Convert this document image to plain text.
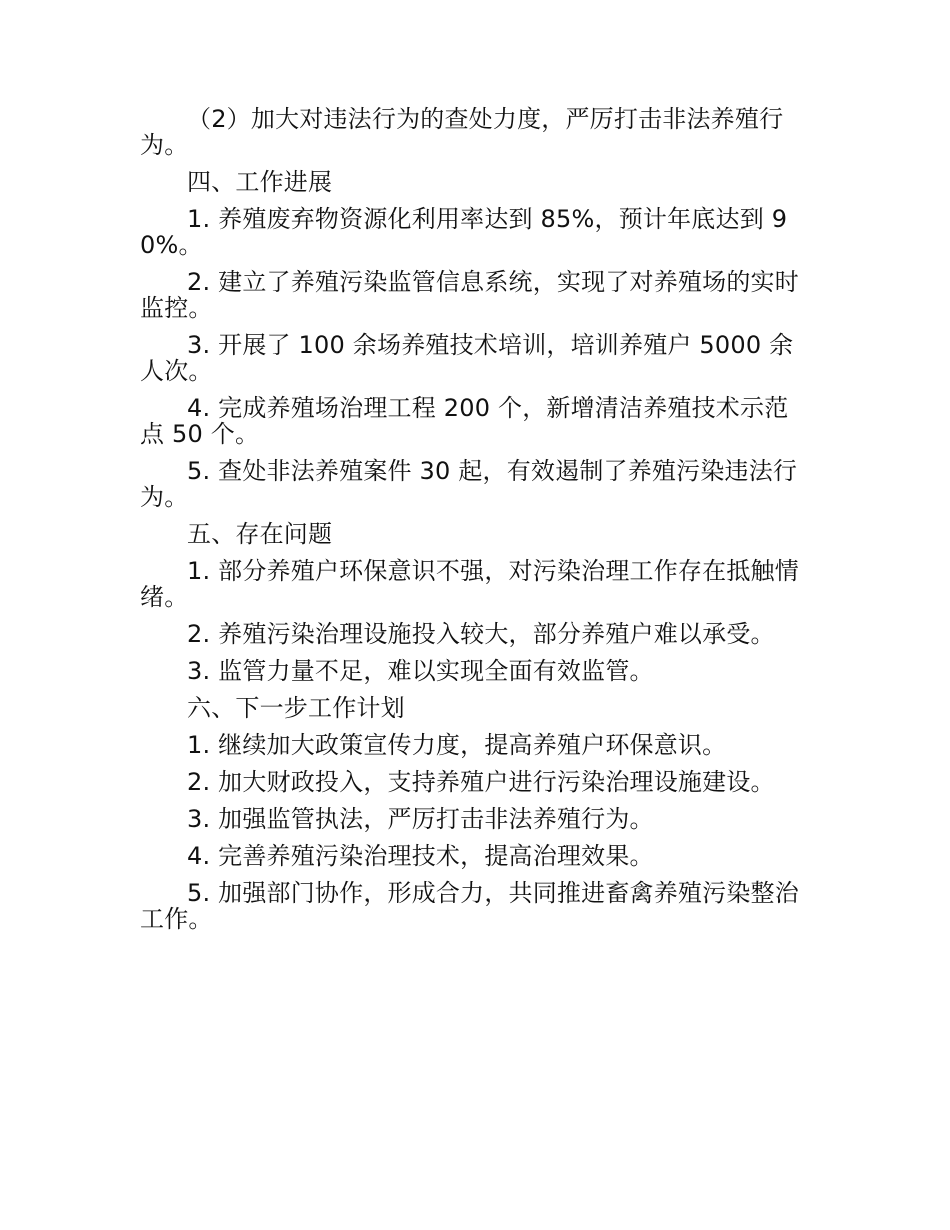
（2）加大对违法行为的查处力度，严厉打击非法养殖行为。

四、工作进展

1. 养殖废弃物资源化利用率达到 85%，预计年底达到 90%。

2. 建立了养殖污染监管信息系统，实现了对养殖场的实时监控。

3. 开展了 100 余场养殖技术培训，培训养殖户 5000 余人次。

4. 完成养殖场治理工程 200 个，新增清洁养殖技术示范点 50 个。

5. 查处非法养殖案件 30 起，有效遏制了养殖污染违法行为。

五、存在问题

1. 部分养殖户环保意识不强，对污染治理工作存在抵触情绪。

2. 养殖污染治理设施投入较大，部分养殖户难以承受。

3. 监管力量不足，难以实现全面有效监管。

六、下一步工作计划

1. 继续加大政策宣传力度，提高养殖户环保意识。

2. 加大财政投入，支持养殖户进行污染治理设施建设。

3. 加强监管执法，严厉打击非法养殖行为。

4. 完善养殖污染治理技术，提高治理效果。

5. 加强部门协作，形成合力，共同推进畜禽养殖污染整治工作。
